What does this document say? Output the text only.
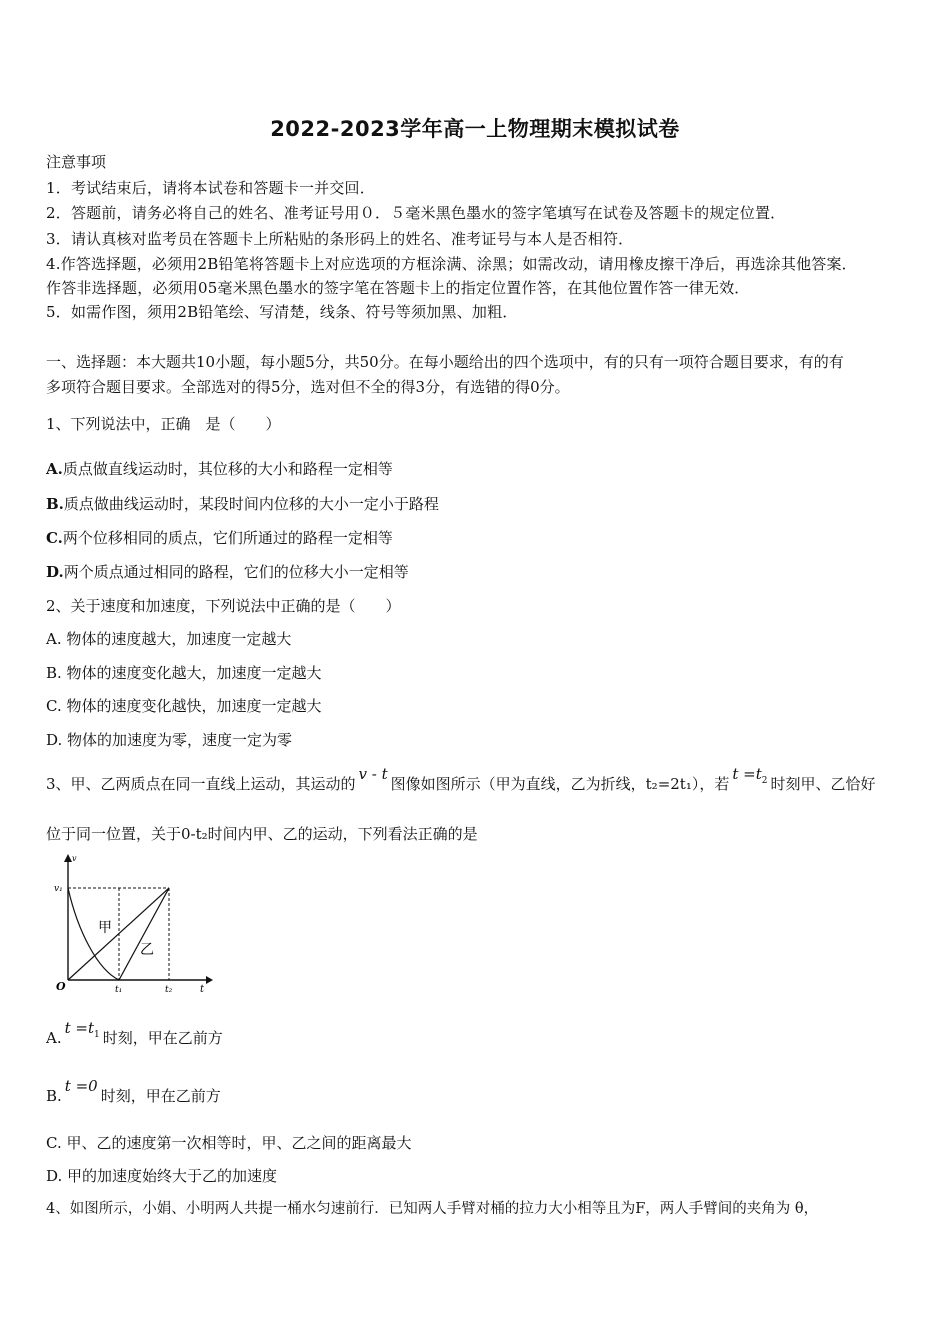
2022-2023学年高一上物理期末模拟试卷
注意事项
1．考试结束后，请将本试卷和答题卡一并交回．
2．答题前，请务必将自己的姓名、准考证号用０．５毫米黑色墨水的签字笔填写在试卷及答题卡的规定位置．
3．请认真核对监考员在答题卡上所粘贴的条形码上的姓名、准考证号与本人是否相符．
4.作答选择题，必须用2B铅笔将答题卡上对应选项的方框涂满、涂黑；如需改动，请用橡皮擦干净后，再选涂其他答案．
作答非选择题，必须用05毫米黑色墨水的签字笔在答题卡上的指定位置作答，在其他位置作答一律无效．
5．如需作图，须用2B铅笔绘、写清楚，线条、符号等须加黑、加粗．
一、选择题：本大题共10小题，每小题5分，共50分。在每小题给出的四个选项中，有的只有一项符合题目要求，有的有
多项符合题目要求。全部选对的得5分，选对但不全的得3分，有选错的得0分。
1、下列说法中，正确　是（　　）
A.质点做直线运动时，其位移的大小和路程一定相等
B.质点做曲线运动时，某段时间内位移的大小一定小于路程
C.两个位移相同的质点，它们所通过的路程一定相等
D.两个质点通过相同的路程，它们的位移大小一定相等
2、关于速度和加速度，下列说法中正确的是（　　）
A. 物体的速度越大，加速度一定越大
B. 物体的速度变化越大，加速度一定越大
C. 物体的速度变化越快，加速度一定越大
D. 物体的加速度为零，速度一定为零
3、甲、乙两质点在同一直线上运动，其运动的v - t图像如图所示（甲为直线，乙为折线，t₂=2t₁），若$t =t_2$ 时刻甲、乙恰好
位于同一位置，关于0-t₂时间内甲、乙的运动，下列看法正确的是
v
v₁
O	t₁	t₂	t
甲
乙
$A.t =t_1$ 时刻，甲在乙前方
B.t =0时刻，甲在乙前方
C. 甲、乙的速度第一次相等时，甲、乙之间的距离最大
D. 甲的加速度始终大于乙的加速度
4、如图所示，小娟、小明两人共提一桶水匀速前行．已知两人手臂对桶的拉力大小相等且为F，两人手臂间的夹角为 θ，
